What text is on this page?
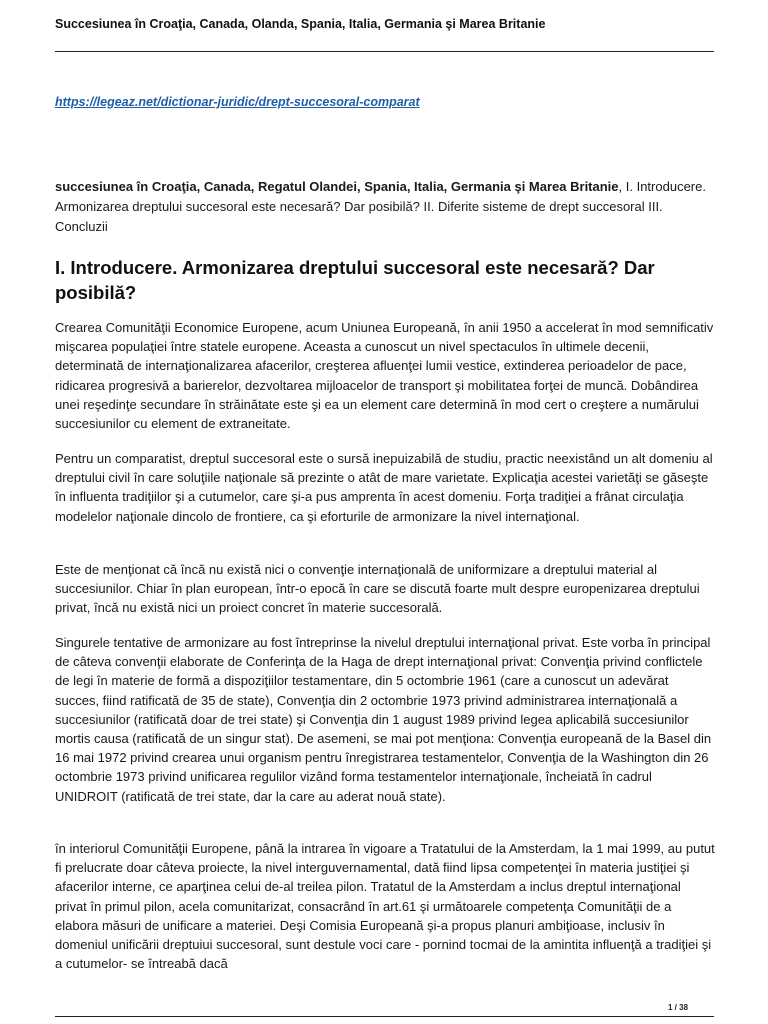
Succesiunea în Croaţia, Canada, Olanda, Spania, Italia, Germania şi Marea Britanie
https://legeaz.net/dictionar-juridic/drept-succesoral-comparat
succesiunea în Croaţia, Canada, Regatul Olandei, Spania, Italia, Germania şi Marea Britanie, I. Introducere. Armonizarea dreptului succesoral este necesară? Dar posibilă? II. Diferite sisteme de drept succesoral III. Concluzii
I. Introducere. Armonizarea dreptului succesoral este necesară? Dar posibilă?

Crearea Comunităţii Economice Europene, acum Uniunea Europeană, în anii 1950 a accelerat în mod semnificativ mişcarea populaţiei între statele europene. Aceasta a cunoscut un nivel spectaculos în ultimele decenii, determinată de internaţionalizarea afacerilor, creşterea afluenţei lumii vestice, extinderea perioadelor de pace, ridicarea progresivă a barierelor, dezvoltarea mijloacelor de transport şi mobilitatea forţei de muncă. Dobândirea unei reşedinţe secundare în străinătate este şi ea un element care determină în mod cert o creştere a numărului succesiunilor cu element de extraneitate.

Pentru un comparatist, dreptul succesoral este o sursă inepuizabilă de studiu, practic neexistând un alt domeniu al dreptului civil în care soluţiile naţionale să prezinte o atât de mare varietate. Explicaţia acestei varietăţi se găseşte în influenta tradiţiilor şi a cutumelor, care şi-a pus amprenta în acest domeniu. Forţa tradiţiei a frânat circulaţia modelelor naţionale dincolo de frontiere, ca şi eforturile de armonizare la nivel internaţional.

Este de menţionat că încă nu există nici o convenţie internaţională de uniformizare a dreptului material al succesiunilor. Chiar în plan european, într-o epocă în care se discută foarte mult despre europenizarea dreptului privat, încă nu există nici un proiect concret în materie succesorală.

Singurele tentative de armonizare au fost întreprinse la nivelul dreptului internaţional privat. Este vorba în principal de câteva convenţii elaborate de Conferinţa de la Haga de drept internaţional privat: Convenţia privind conflictele de legi în materie de formă a dispoziţiilor testamentare, din 5 octombrie 1961 (care a cunoscut un adevărat succes, fiind ratificată de 35 de state), Convenţia din 2 octombrie 1973 privind administrarea internaţională a succesiunilor (ratificată doar de trei state) şi Convenţia din 1 august 1989 privind legea aplicabilă succesiunilor mortis causa (ratificată de un singur stat). De asemeni, se mai pot menţiona: Convenţia europeană de la Basel din 16 mai 1972 privind crearea unui organism pentru înregistrarea testamentelor, Convenţia de la Washington din 26 octombrie 1973 privind unificarea regulilor vizând forma testamentelor internaţionale, încheiată în cadrul UNIDROIT (ratificată de trei state, dar la care au aderat nouă state).

în interiorul Comunităţii Europene, până la intrarea în vigoare a Tratatului de la Amsterdam, la 1 mai 1999, au putut fi prelucrate doar câteva proiecte, la nivel interguvernamental, dată fiind lipsa competenţei în materia justiţiei şi afacerilor interne, ce aparţinea celui de-al treilea pilon. Tratatul de la Amsterdam a inclus dreptul internaţional privat în primul pilon, acela comunitarizat, consacrând în art.61 şi următoarele competenţa Comunităţii de a elabora măsuri de unificare a materiei. Deşi Comisia Europeană şi-a propus planuri ambiţioase, inclusiv în domeniul unificării dreptuiui succesoral, sunt destule voci care - pornind tocmai de la amintita influenţă a tradiţiei şi a cutumelor- se întreabă dacă

1 / 38
